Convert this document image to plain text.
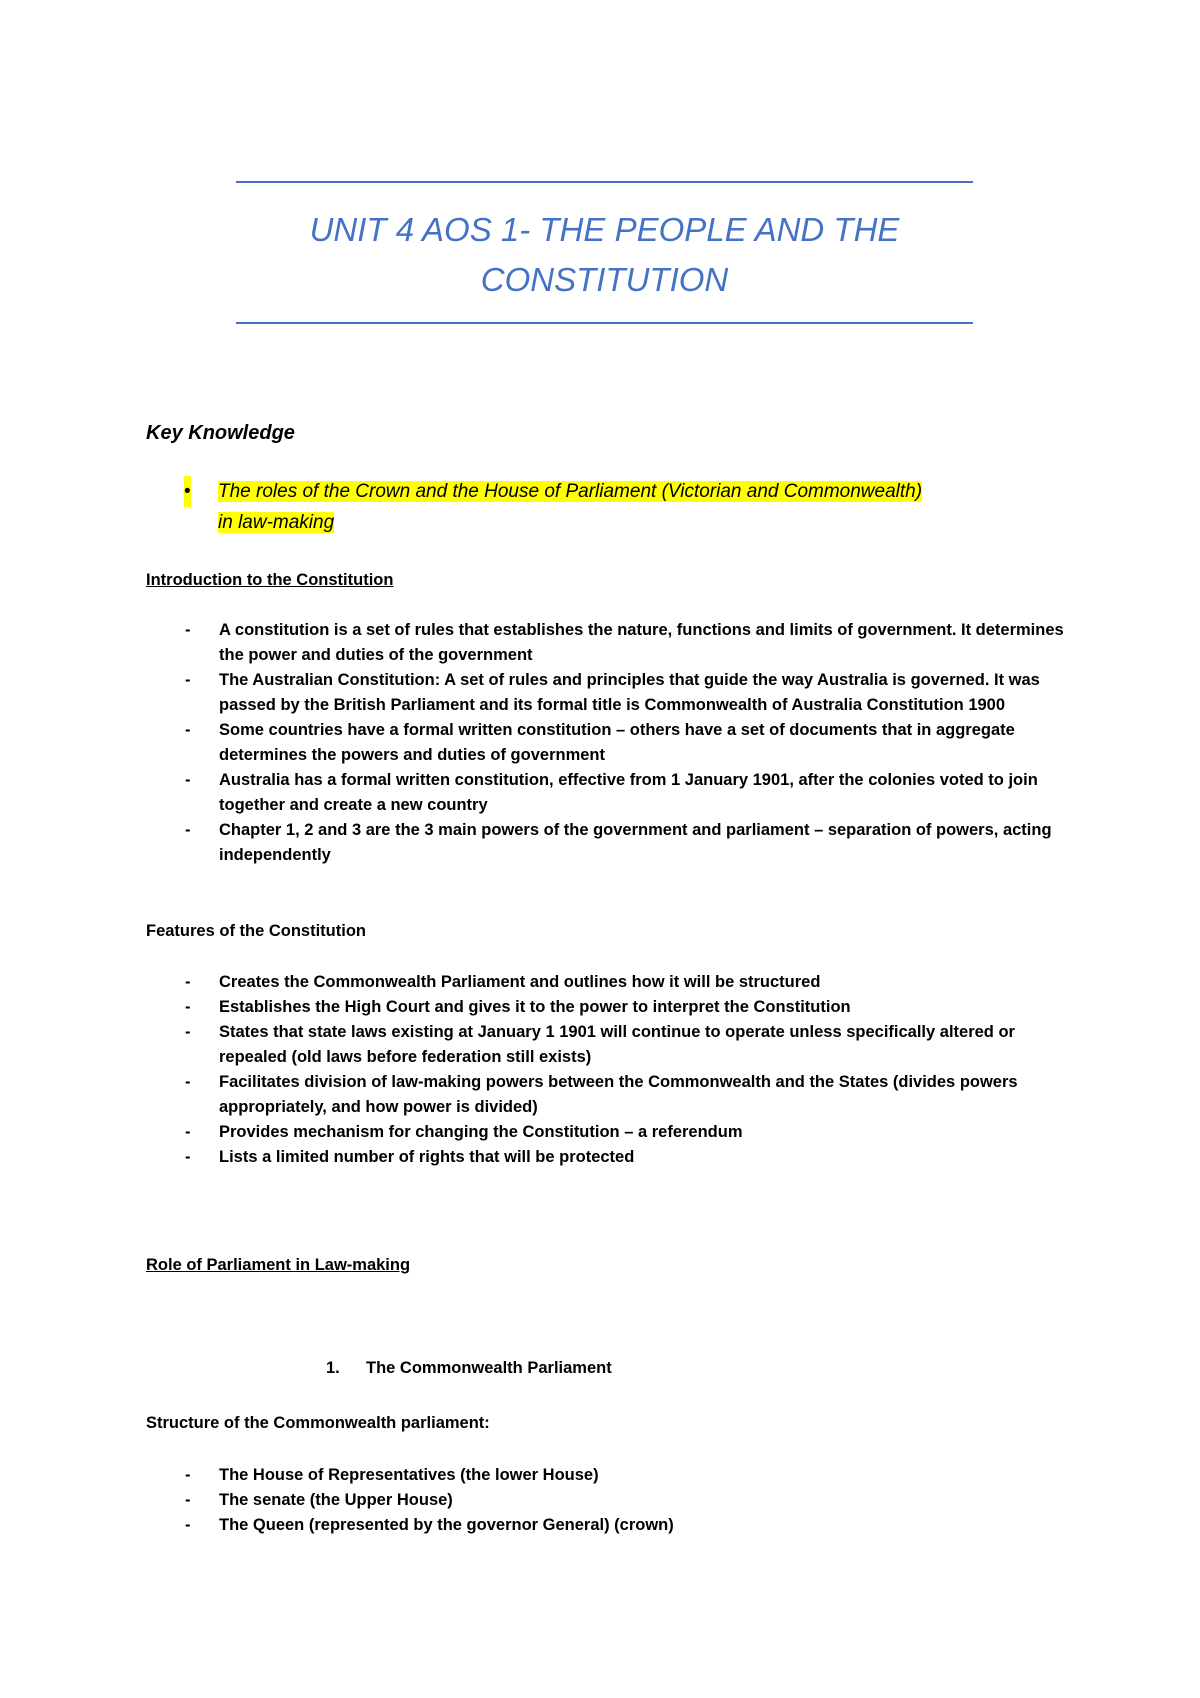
UNIT 4 AOS 1- THE PEOPLE AND THE
CONSTITUTION
Key Knowledge
• The roles of the Crown and the House of Parliament (Victorian and Commonwealth)
in law-making
Introduction to the Constitution
- A constitution is a set of rules that establishes the nature, functions and limits of government. It determines the power and duties of the government
- The Australian Constitution: A set of rules and principles that guide the way Australia is governed. It was passed by the British Parliament and its formal title is Commonwealth of Australia Constitution 1900
- Some countries have a formal written constitution – others have a set of documents that in aggregate determines the powers and duties of government
- Australia has a formal written constitution, effective from 1 January 1901, after the colonies voted to join together and create a new country
- Chapter 1, 2 and 3 are the 3 main powers of the government and parliament – separation of powers, acting independently
Features of the Constitution
- Creates the Commonwealth Parliament and outlines how it will be structured
- Establishes the High Court and gives it to the power to interpret the Constitution
- States that state laws existing at January 1 1901 will continue to operate unless specifically altered or repealed (old laws before federation still exists)
- Facilitates division of law-making powers between the Commonwealth and the States (divides powers appropriately, and how power is divided)
- Provides mechanism for changing the Constitution – a referendum
- Lists a limited number of rights that will be protected
Role of Parliament in Law-making
1. The Commonwealth Parliament
Structure of the Commonwealth parliament:
- The House of Representatives (the lower House)
- The senate (the Upper House)
- The Queen (represented by the governor General) (crown)
